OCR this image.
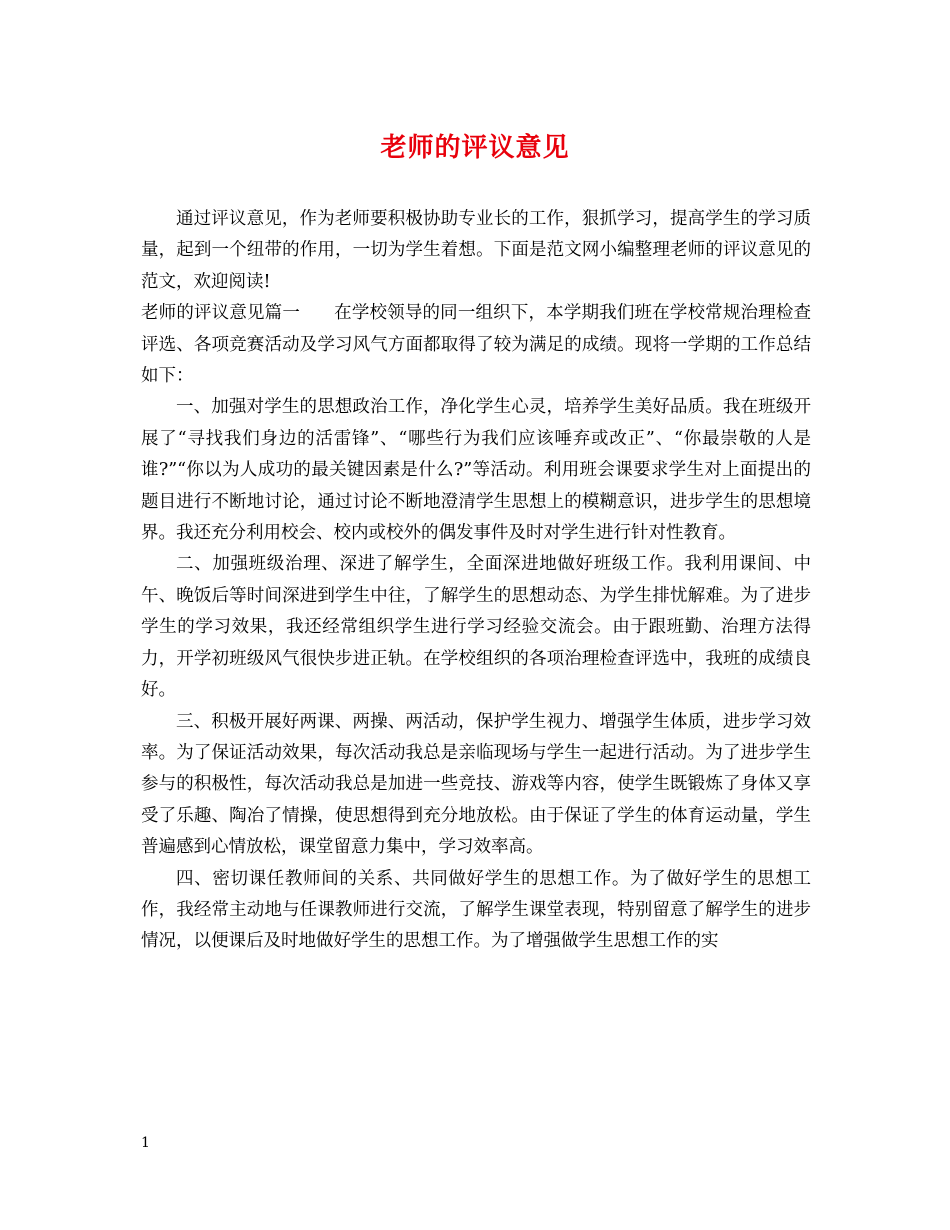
老师的评议意见

通过评议意见，作为老师要积极协助专业长的工作，狠抓学习，提高学生的学习质量，起到一个纽带的作用，一切为学生着想。下面是范文网小编整理老师的评议意见的范文，欢迎阅读!

老师的评议意见篇一 在学校领导的同一组织下，本学期我们班在学校常规治理检查评选、各项竞赛活动及学习风气方面都取得了较为满足的成绩。现将一学期的工作总结如下：

一、加强对学生的思想政治工作，净化学生心灵，培养学生美好品质。我在班级开展了“寻找我们身边的活雷锋”、“哪些行为我们应该唾弃或改正”、“你最崇敬的人是谁?”“你以为人成功的最关键因素是什么?”等活动。利用班会课要求学生对上面提出的题目进行不断地讨论，通过讨论不断地澄清学生思想上的模糊意识，进步学生的思想境界。我还充分利用校会、校内或校外的偶发事件及时对学生进行针对性教育。

二、加强班级治理、深进了解学生，全面深进地做好班级工作。我利用课间、中午、晚饭后等时间深进到学生中往，了解学生的思想动态、为学生排忧解难。为了进步学生的学习效果，我还经常组织学生进行学习经验交流会。由于跟班勤、治理方法得力，开学初班级风气很快步进正轨。在学校组织的各项治理检查评选中，我班的成绩良好。

三、积极开展好两课、两操、两活动，保护学生视力、增强学生体质，进步学习效率。为了保证活动效果，每次活动我总是亲临现场与学生一起进行活动。为了进步学生参与的积极性，每次活动我总是加进一些竞技、游戏等内容，使学生既锻炼了身体又享受了乐趣、陶冶了情操，使思想得到充分地放松。由于保证了学生的体育运动量，学生普遍感到心情放松，课堂留意力集中，学习效率高。

四、密切课任教师间的关系、共同做好学生的思想工作。为了做好学生的思想工作，我经常主动地与任课教师进行交流，了解学生课堂表现，特别留意了解学生的进步情况，以便课后及时地做好学生的思想工作。为了增强做学生思想工作的实

1
